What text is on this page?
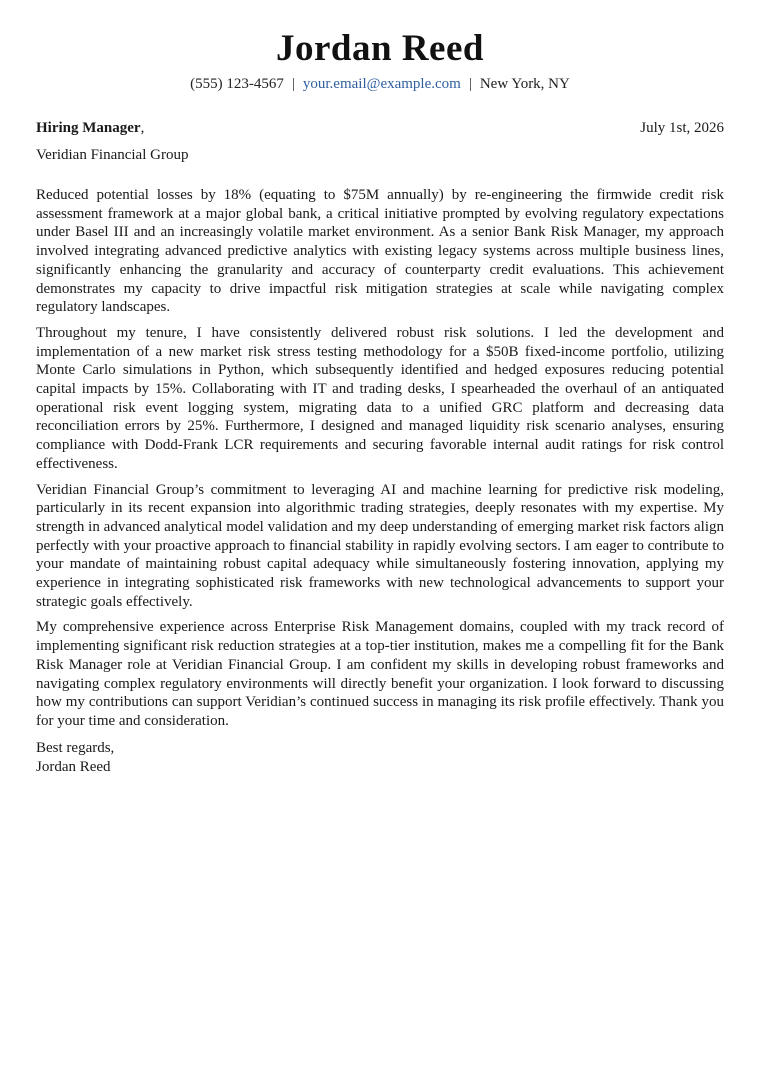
Jordan Reed
(555) 123-4567 | your.email@example.com | New York, NY
Hiring Manager,	July 1st, 2026
Veridian Financial Group

Reduced potential losses by 18% (equating to $75M annually) by re-engineering the firmwide credit risk assessment framework at a major global bank, a critical initiative prompted by evolving regulatory expectations under Basel III and an increasingly volatile market environment. As a senior Bank Risk Manager, my approach involved integrating advanced predictive analytics with existing legacy systems across multiple business lines, significantly enhancing the granularity and accuracy of counterparty credit evaluations. This achievement demonstrates my capacity to drive impactful risk mitigation strategies at scale while navigating complex regulatory landscapes.

Throughout my tenure, I have consistently delivered robust risk solutions. I led the development and implementation of a new market risk stress testing methodology for a $50B fixed-income portfolio, utilizing Monte Carlo simulations in Python, which subsequently identified and hedged exposures reducing potential capital impacts by 15%. Collaborating with IT and trading desks, I spearheaded the overhaul of an antiquated operational risk event logging system, migrating data to a unified GRC platform and decreasing data reconciliation errors by 25%. Furthermore, I designed and managed liquidity risk scenario analyses, ensuring compliance with Dodd-Frank LCR requirements and securing favorable internal audit ratings for risk control effectiveness.

Veridian Financial Group’s commitment to leveraging AI and machine learning for predictive risk modeling, particularly in its recent expansion into algorithmic trading strategies, deeply resonates with my expertise. My strength in advanced analytical model validation and my deep understanding of emerging market risk factors align perfectly with your proactive approach to financial stability in rapidly evolving sectors. I am eager to contribute to your mandate of maintaining robust capital adequacy while simultaneously fostering innovation, applying my experience in integrating sophisticated risk frameworks with new technological advancements to support your strategic goals effectively.

My comprehensive experience across Enterprise Risk Management domains, coupled with my track record of implementing significant risk reduction strategies at a top-tier institution, makes me a compelling fit for the Bank Risk Manager role at Veridian Financial Group. I am confident my skills in developing robust frameworks and navigating complex regulatory environments will directly benefit your organization. I look forward to discussing how my contributions can support Veridian’s continued success in managing its risk profile effectively. Thank you for your time and consideration.

Best regards,
Jordan Reed
